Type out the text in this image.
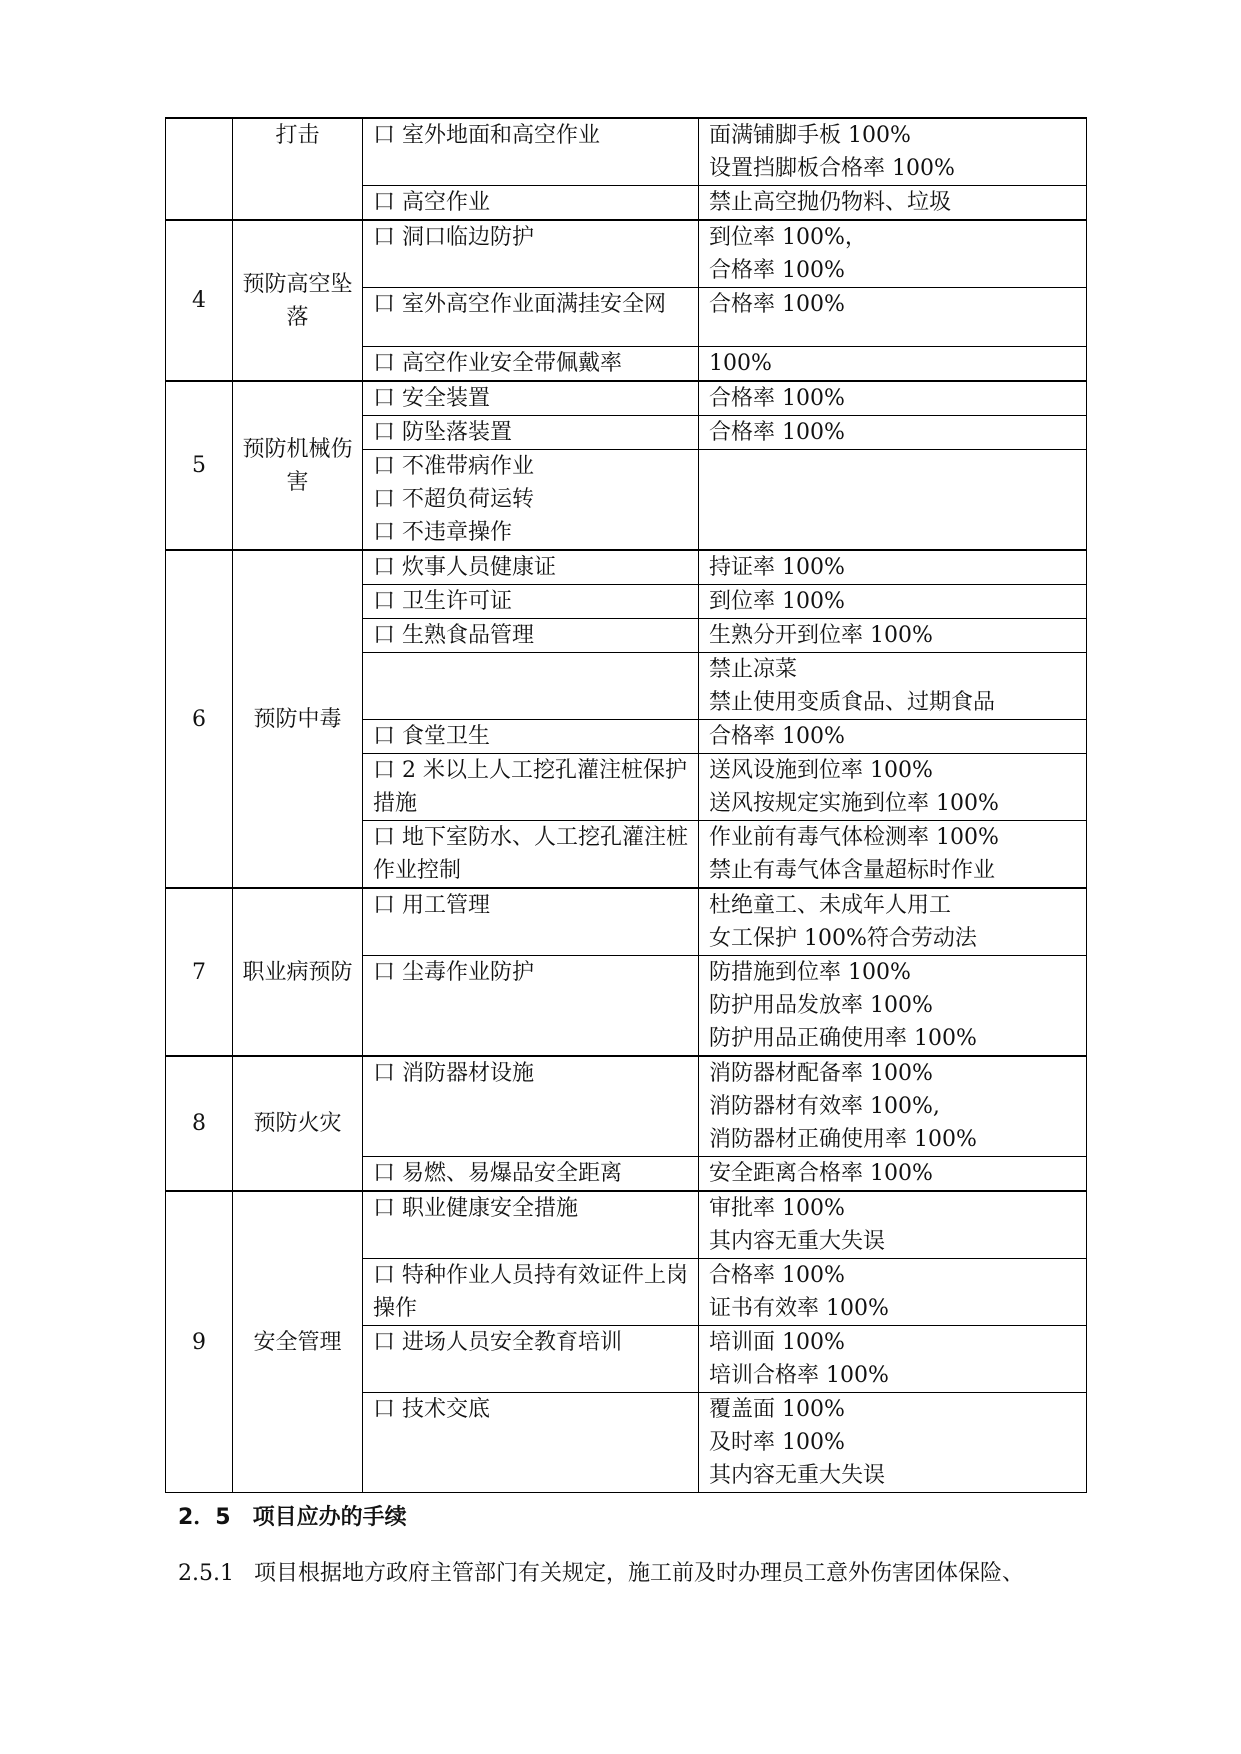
	打击	口 室外地面和高空作业	面满铺脚手板 100%
设置挡脚板合格率 100%

		口 高空作业	禁止高空抛仍物料、垃圾

4	预防高空坠落	口 洞口临边防护	到位率 100%，
合格率 100%

		口 室外高空作业面满挂安全网	合格率 100%

		口 高空作业安全带佩戴率	100%

5	预防机械伤害	口 安全装置	合格率 100%

		口 防坠落装置	合格率 100%

		口 不准带病作业
口 不超负荷运转
口 不违章操作	

6	预防中毒	口 炊事人员健康证	持证率 100%

		口 卫生许可证	到位率 100%

		口 生熟食品管理	生熟分开到位率 100%

			禁止凉菜
禁止使用变质食品、过期食品

		口 食堂卫生	合格率 100%

		口 2 米以上人工挖孔灌注桩保护措施	送风设施到位率 100%
送风按规定实施到位率 100%

		口 地下室防水、人工挖孔灌注桩作业控制	作业前有毒气体检测率 100%
禁止有毒气体含量超标时作业

7	职业病预防	口 用工管理	杜绝童工、未成年人用工
女工保护 100%符合劳动法

		口 尘毒作业防护	防措施到位率 100%
防护用品发放率 100%
防护用品正确使用率 100%

8	预防火灾	口 消防器材设施	消防器材配备率 100%
消防器材有效率 100%,
消防器材正确使用率 100%

		口 易燃、易爆品安全距离	安全距离合格率 100%

9	安全管理	口 职业健康安全措施	审批率 100%
其内容无重大失误

		口 特种作业人员持有效证件上岗操作	合格率 100%
证书有效率 100%

		口 进场人员安全教育培训	培训面 100%
培训合格率 100%

		口 技术交底	覆盖面 100%
及时率 100%
其内容无重大失误
2．5 项目应办的手续
2.5.1 项目根据地方政府主管部门有关规定，施工前及时办理员工意外伤害团体保险、
